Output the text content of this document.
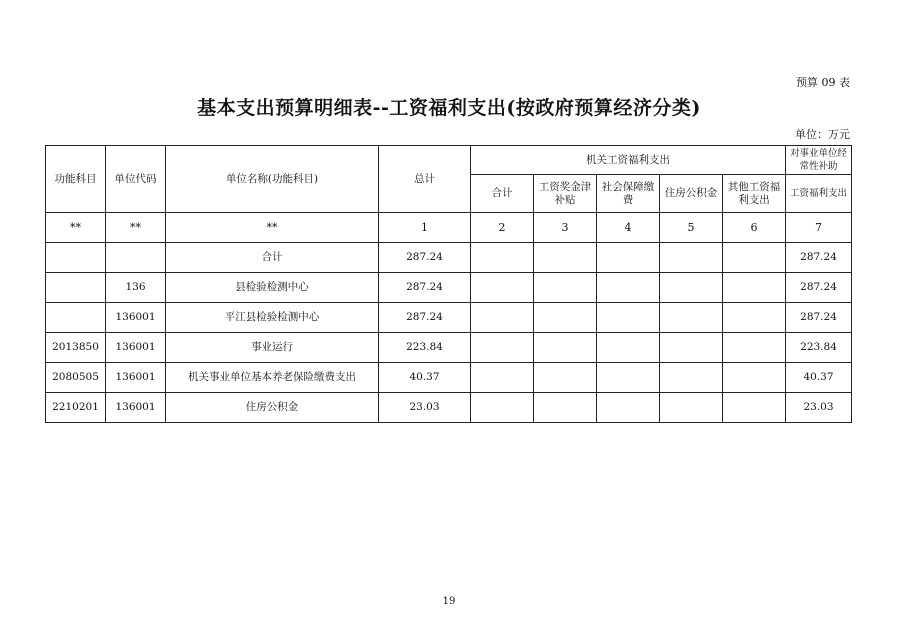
预算 09 表
基本支出预算明细表--工资福利支出(按政府预算经济分类)
单位：万元
功能科目	单位代码	单位名称(功能科目)	总计	机关工资福利支出					对事业单位经常性补助
				合计	工资奖金津补贴	社会保障缴费	住房公积金	其他工资福利支出	工资福利支出
**	**	**	1	2	3	4	5	6	7
		合计	287.24						287.24
	136	县检验检测中心	287.24						287.24
	136001	平江县检验检测中心	287.24						287.24
2013850	136001	事业运行	223.84						223.84
2080505	136001	机关事业单位基本养老保险缴费支出	40.37						40.37
2210201	136001	住房公积金	23.03						23.03
19
